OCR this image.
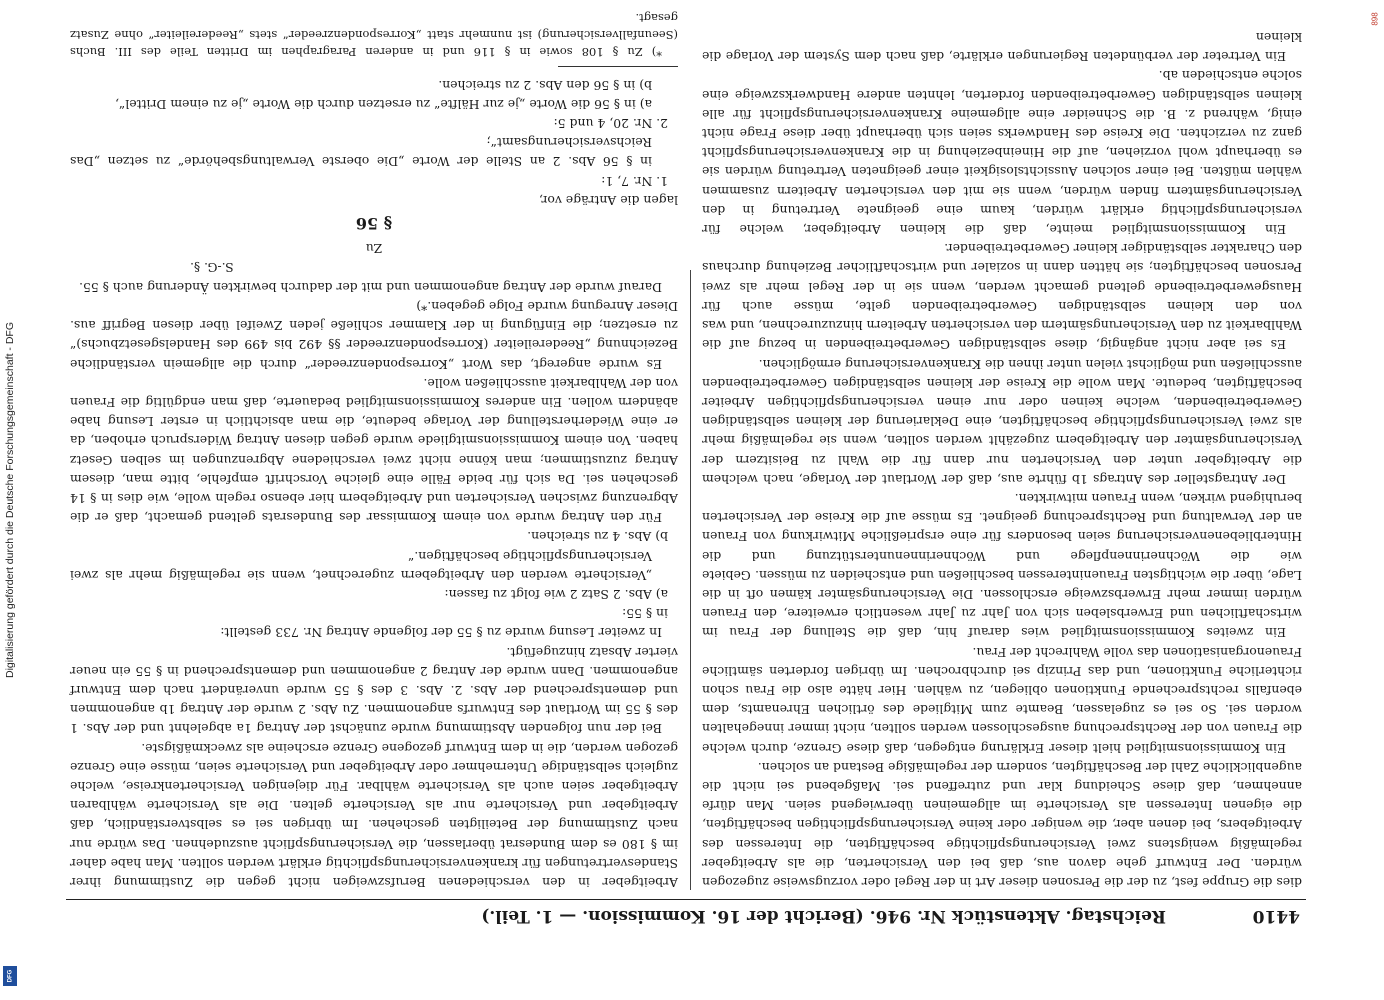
Digitalisierung gefördert durch die Deutsche Forschungsgemeinschaft - DFG
DFG
898
4410
Reichstag. Aktenstück Nr. 946. (Bericht der 16. Kommission. — 1. Teil.)

dies die Gruppe fest, zu der die Personen dieser Art in der Regel oder vorzugsweise zugezogen würden. Der Entwurf gehe davon aus, daß bei den Versicherten, die als Arbeitgeber regelmäßig wenigstens zwei Versicherungspflichtige beschäftigten, die Interessen des Arbeitgebers, bei denen aber, die weniger oder keine Versicherungspflichtigen beschäftigten, die eigenen Interessen als Versicherte im allgemeinen überwiegend seien. Man dürfe annehmen, daß diese Scheidung klar und zutreffend sei. Maßgebend sei nicht die augenblickliche Zahl der Beschäftigten, sondern der regelmäßige Bestand an solchen.

Ein Kommissionsmitglied hielt dieser Erklärung entgegen, daß diese Grenze, durch welche die Frauen von der Rechtsprechung ausgeschlossen werden sollten, nicht immer innegehalten worden sei. So sei es zugelassen, Beamte zum Mitgliede des örtlichen Ehrenamts, dem ebenfalls rechtsprechende Funktionen obliegen, zu wählen. Hier hätte also die Frau schon richterliche Funktionen, und das Prinzip sei durchbrochen. Im übrigen forderten sämtliche Frauenorganisationen das volle Wahlrecht der Frau.

Ein zweites Kommissionsmitglied wies darauf hin, daß die Stellung der Frau im wirtschaftlichen und Erwerbsleben sich von Jahr zu Jahr wesentlich erweitere, den Frauen würden immer mehr Erwerbszweige erschlossen. Die Versicherungsämter kämen oft in die Lage, über die wichtigsten Fraueninteressen beschließen und entscheiden zu müssen. Gebiete wie die Wöchnerinnenpflege und Wöchnerinnenunterstützung und die Hinterbliebenenversicherung seien besonders für eine ersprießliche Mitwirkung von Frauen an der Verwaltung und Rechtsprechung geeignet. Es müsse auf die Kreise der Versicherten beruhigend wirken, wenn Frauen mitwirkten.

Der Antragsteller des Antrags 1b führte aus, daß der Wortlaut der Vorlage, nach welchem die Arbeitgeber unter den Versicherten nur dann für die Wahl zu Beisitzern der Versicherungsämter den Arbeitgebern zugezählt werden sollten, wenn sie regelmäßig mehr als zwei Versicherungspflichtige beschäftigten, eine Deklarierung der kleinen selbständigen Gewerbetreibenden, welche keinen oder nur einen versicherungspflichtigen Arbeiter beschäftigten, bedeute. Man wolle die Kreise der kleinen selbständigen Gewerbetreibenden ausschließen und möglichst vielen unter ihnen die Krankenversicherung ermöglichen.

Es sei aber nicht angängig, diese selbständigen Gewerbetreibenden in bezug auf die Wahlbarkeit zu den Versicherungsämtern den versicherten Arbeitern hinzuzurechnen, und was von den kleinen selbständigen Gewerbetreibenden gelte, müsse auch für Hausgewerbetreibende geltend gemacht werden, wenn sie in der Regel mehr als zwei Personen beschäftigten; sie hätten dann in sozialer und wirtschaftlicher Beziehung durchaus den Charakter selbständiger kleiner Gewerbetreibender.

Ein Kommissionsmitglied meinte, daß die kleinen Arbeitgeber, welche für versicherungspflichtig erklärt würden, kaum eine geeignete Vertretung in den Versicherungsämtern finden würden, wenn sie mit den versicherten Arbeitern zusammen wählen müßten. Bei einer solchen Aussichtslosigkeit einer geeigneten Vertretung würden sie es überhaupt wohl vorziehen, auf die Hineinbeziehung in die Krankenversicherungspflicht ganz zu verzichten. Die Kreise des Handwerks seien sich überhaupt über diese Frage nicht einig, während z. B. die Schneider eine allgemeine Krankenversicherungspflicht für alle kleinen selbständigen Gewerbetreibenden forderten, lehnten andere Handwerkszweige eine solche entschieden ab.

Ein Vertreter der verbündeten Regierungen erklärte, daß nach dem System der Vorlage die kleinen

Arbeitgeber in den verschiedenen Berufszweigen nicht gegen die Zustimmung ihrer Standesvertretungen für krankenversicherungspflichtig erklärt werden sollten. Man habe daher im § 180 es dem Bundesrat überlassen, die Versicherungspflicht auszudehnen. Das würde nur nach Zustimmung der Beteiligten geschehen. Im übrigen sei es selbstverständlich, daß Arbeitgeber und Versicherte nur als Versicherte gelten. Die als Versicherte wählbaren Arbeitgeber seien auch als Versicherte wählbar. Für diejenigen Versichertenkreise, welche zugleich selbständige Unternehmer oder Arbeitgeber und Versicherte seien, müsse eine Grenze gezogen werden, die in dem Entwurf gezogene Grenze erscheine als zweckmäßigste.

Bei der nun folgenden Abstimmung wurde zunächst der Antrag 1a abgelehnt und der Abs. 1 des § 55 im Wortlaut des Entwurfs angenommen. Zu Abs. 2 wurde der Antrag 1b angenommen und dementsprechend der Abs. 2. Abs. 3 des § 55 wurde unverändert nach dem Entwurf angenommen. Dann wurde der Antrag 2 angenommen und dementsprechend in § 55 ein neuer vierter Absatz hinzugefügt.

In zweiter Lesung wurde zu § 55 der folgende Antrag Nr. 733 gestellt:

in § 55:

a) Abs. 2 Satz 2 wie folgt zu fassen:

„Versicherte werden den Arbeitgebern zugerechnet, wenn sie regelmäßig mehr als zwei Versicherungspflichtige beschäftigen.“

b) Abs. 4 zu streichen.

Für den Antrag wurde von einem Kommissar des Bundesrats geltend gemacht, daß er die Abgrenzung zwischen Versicherten und Arbeitgebern hier ebenso regeln wolle, wie dies in § 14 geschehen sei. Da sich für beide Fälle eine gleiche Vorschrift empfehle, bitte man, diesem Antrag zuzustimmen; man könne nicht zwei verschiedene Abgrenzungen im selben Gesetz haben. Von einem Kommissionsmitgliede wurde gegen diesen Antrag Widerspruch erhoben, da er eine Wiederherstellung der Vorlage bedeute, die man absichtlich in erster Lesung habe abändern wollen. Ein anderes Kommissionsmitglied bedauerte, daß man endgültig die Frauen von der Wahlbarkeit ausschließen wolle.

Es wurde angeregt, das Wort „Korrespondenzreeder“ durch die allgemein verständliche Bezeichnung „Reedereileiter (Korrespondenzreeder §§ 492 bis 499 des Handelsgesetzbuchs)“ zu ersetzen; die Einfügung in der Klammer schließe jeden Zweifel über diesen Begriff aus. Dieser Anregung wurde Folge gegeben.*)

Darauf wurde der Antrag angenommen und mit der dadurch bewirkten Änderung auch § 55.

S.-G. §.

Zu

§ 56

lagen die Anträge vor,

1. Nr. 7, 1:

in § 56 Abs. 2 an Stelle der Worte „Die oberste Verwaltungsbehörde“ zu setzen „Das Reichsversicherungsamt“;

2. Nr. 20, 4 und 5:

a) in § 56 die Worte „je zur Hälfte“ zu ersetzen durch die Worte „je zu einem Drittel“,

b) in § 56 den Abs. 2 zu streichen.

*) Zu § 108 sowie in § 116 und in anderen Paragraphen im Dritten Teile des III. Buchs (Seeunfallversicherung) ist nunmehr statt „Korrespondenzreeder“ stets „Reedereileiter“ ohne Zusatz gesagt.
